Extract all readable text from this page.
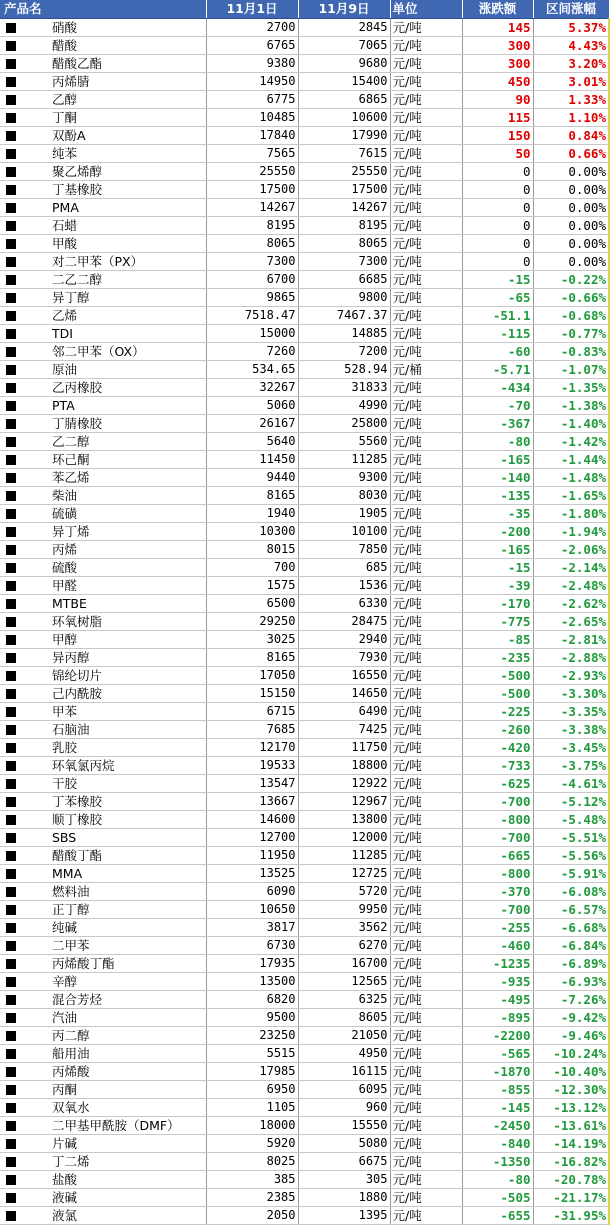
产品名	11月1日	11月9日	单位	涨跌额	区间涨幅
硝酸	2700	2845	元/吨	145	5.37%
醋酸	6765	7065	元/吨	300	4.43%
醋酸乙酯	9380	9680	元/吨	300	3.20%
丙烯腈	14950	15400	元/吨	450	3.01%
乙醇	6775	6865	元/吨	90	1.33%
丁酮	10485	10600	元/吨	115	1.10%
双酚A	17840	17990	元/吨	150	0.84%
纯苯	7565	7615	元/吨	50	0.66%
聚乙烯醇	25550	25550	元/吨	0	0.00%
丁基橡胶	17500	17500	元/吨	0	0.00%
PMA	14267	14267	元/吨	0	0.00%
石蜡	8195	8195	元/吨	0	0.00%
甲酸	8065	8065	元/吨	0	0.00%
对二甲苯（PX）	7300	7300	元/吨	0	0.00%
二乙二醇	6700	6685	元/吨	-15	-0.22%
异丁醇	9865	9800	元/吨	-65	-0.66%
乙烯	7518.47	7467.37	元/吨	-51.1	-0.68%
TDI	15000	14885	元/吨	-115	-0.77%
邻二甲苯（OX）	7260	7200	元/吨	-60	-0.83%
原油	534.65	528.94	元/桶	-5.71	-1.07%
乙丙橡胶	32267	31833	元/吨	-434	-1.35%
PTA	5060	4990	元/吨	-70	-1.38%
丁腈橡胶	26167	25800	元/吨	-367	-1.40%
乙二醇	5640	5560	元/吨	-80	-1.42%
环己酮	11450	11285	元/吨	-165	-1.44%
苯乙烯	9440	9300	元/吨	-140	-1.48%
柴油	8165	8030	元/吨	-135	-1.65%
硫磺	1940	1905	元/吨	-35	-1.80%
异丁烯	10300	10100	元/吨	-200	-1.94%
丙烯	8015	7850	元/吨	-165	-2.06%
硫酸	700	685	元/吨	-15	-2.14%
甲醛	1575	1536	元/吨	-39	-2.48%
MTBE	6500	6330	元/吨	-170	-2.62%
环氧树脂	29250	28475	元/吨	-775	-2.65%
甲醇	3025	2940	元/吨	-85	-2.81%
异丙醇	8165	7930	元/吨	-235	-2.88%
锦纶切片	17050	16550	元/吨	-500	-2.93%
己内酰胺	15150	14650	元/吨	-500	-3.30%
甲苯	6715	6490	元/吨	-225	-3.35%
石脑油	7685	7425	元/吨	-260	-3.38%
乳胶	12170	11750	元/吨	-420	-3.45%
环氧氯丙烷	19533	18800	元/吨	-733	-3.75%
干胶	13547	12922	元/吨	-625	-4.61%
丁苯橡胶	13667	12967	元/吨	-700	-5.12%
顺丁橡胶	14600	13800	元/吨	-800	-5.48%
SBS	12700	12000	元/吨	-700	-5.51%
醋酸丁酯	11950	11285	元/吨	-665	-5.56%
MMA	13525	12725	元/吨	-800	-5.91%
燃料油	6090	5720	元/吨	-370	-6.08%
正丁醇	10650	9950	元/吨	-700	-6.57%
纯碱	3817	3562	元/吨	-255	-6.68%
二甲苯	6730	6270	元/吨	-460	-6.84%
丙烯酸丁酯	17935	16700	元/吨	-1235	-6.89%
辛醇	13500	12565	元/吨	-935	-6.93%
混合芳烃	6820	6325	元/吨	-495	-7.26%
汽油	9500	8605	元/吨	-895	-9.42%
丙二醇	23250	21050	元/吨	-2200	-9.46%
船用油	5515	4950	元/吨	-565	-10.24%
丙烯酸	17985	16115	元/吨	-1870	-10.40%
丙酮	6950	6095	元/吨	-855	-12.30%
双氧水	1105	960	元/吨	-145	-13.12%
二甲基甲酰胺（DMF）	18000	15550	元/吨	-2450	-13.61%
片碱	5920	5080	元/吨	-840	-14.19%
丁二烯	8025	6675	元/吨	-1350	-16.82%
盐酸	385	305	元/吨	-80	-20.78%
液碱	2385	1880	元/吨	-505	-21.17%
液氯	2050	1395	元/吨	-655	-31.95%
